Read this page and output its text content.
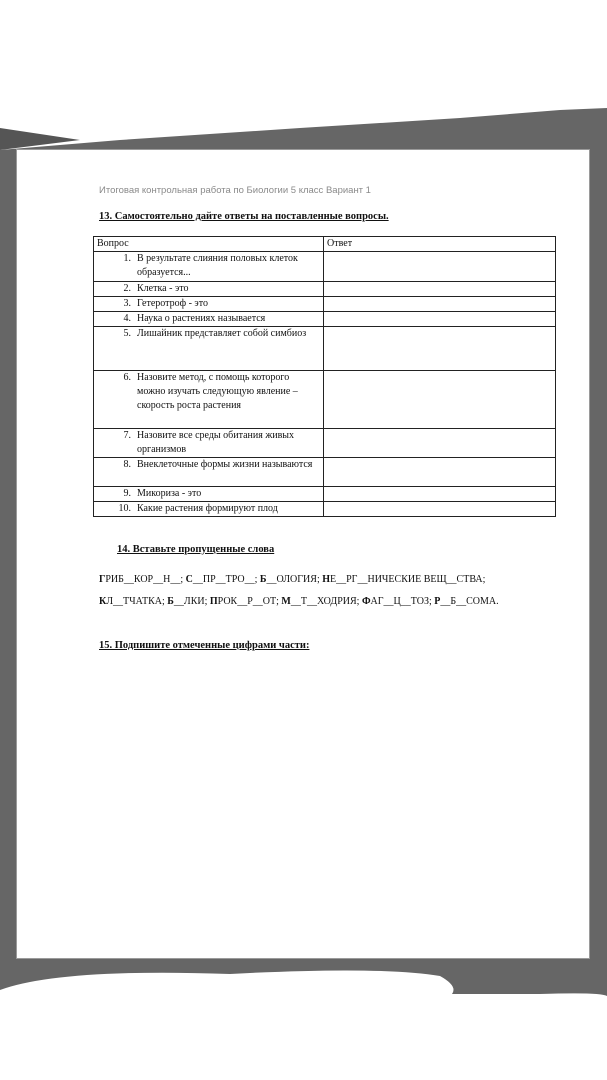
Итоговая контрольная работа по Биологии 5 класс Вариант 1
13. Самостоятельно дайте ответы на поставленные вопросы.
Вопрос	Ответ
1. В результате слияния половых клеток образуется...	
2. Клетка - это	
3. Гетеротроф - это	
4. Наука о растениях называется	
5. Лишайник представляет собой симбиоз	
6. Назовите метод, с помощь которого можно изучать следующую явление – скорость роста растения	
7. Назовите все среды обитания живых организмов	
8. Внеклеточные формы жизни называются	
9. Микориза - это	
10. Какие растения формируют плод	
14. Вставьте пропущенные слова
ГРИБ__КОР__Н__; С__ПР__ТРО__; Б__ОЛОГИЯ; НЕ__РГ__НИЧЕСКИЕ ВЕЩ__СТВА; КЛ__ТЧАТКА; Б__ЛКИ; ПРОК__Р__ОТ; М__Т__ХОДРИЯ; ФАГ__Ц__ТОЗ; Р__Б__СОМА.
15. Подпишите отмеченные цифрами части:
